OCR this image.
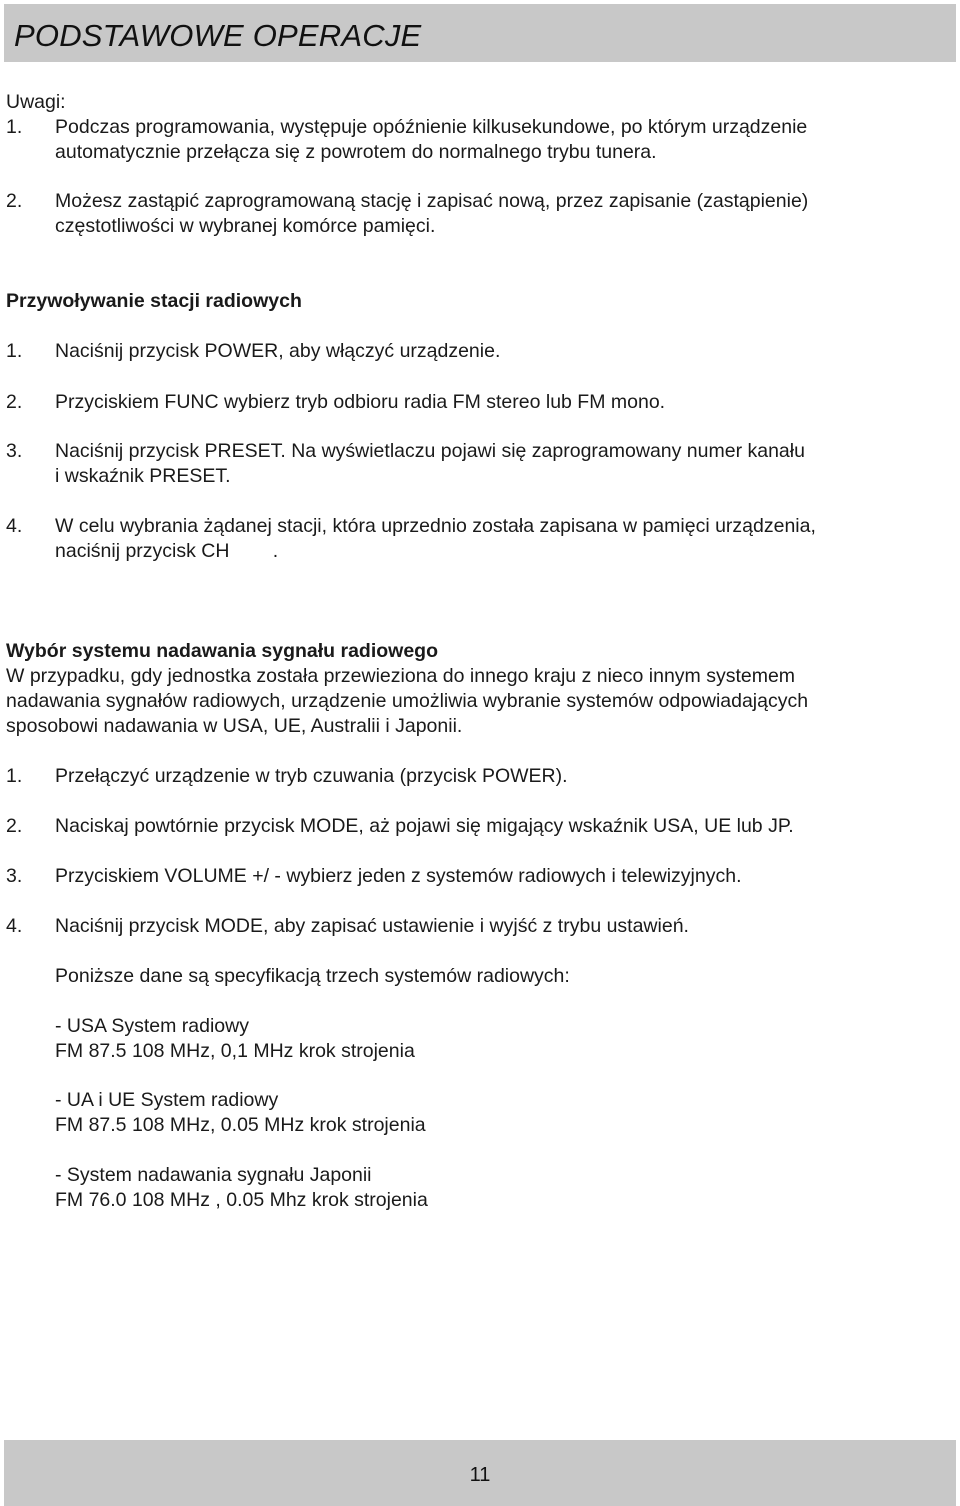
PODSTAWOWE OPERACJE
Uwagi:
1. Podczas programowania, występuje opóźnienie kilkusekundowe, po którym urządzenie
automatycznie przełącza się z powrotem do normalnego trybu tunera.
2. Możesz zastąpić zaprogramowaną stację i zapisać nową, przez zapisanie (zastąpienie)
częstotliwości w wybranej komórce pamięci.
Przywoływanie stacji radiowych
1. Naciśnij przycisk POWER, aby włączyć urządzenie.
2. Przyciskiem FUNC wybierz tryb odbioru radia FM stereo lub FM mono.
3. Naciśnij przycisk PRESET. Na wyświetlaczu pojawi się zaprogramowany numer kanału
i wskaźnik PRESET.
4. W celu wybrania żądanej stacji, która uprzednio została zapisana w pamięci urządzenia,
naciśnij przycisk CH        .
Wybór systemu nadawania sygnału radiowego
W przypadku, gdy jednostka została przewieziona do innego kraju z nieco innym systemem
nadawania sygnałów radiowych, urządzenie umożliwia wybranie systemów odpowiadających
sposobowi nadawania w USA, UE, Australii i Japonii.
1. Przełączyć urządzenie w tryb czuwania (przycisk POWER).
2. Naciskaj powtórnie przycisk MODE, aż pojawi się migający wskaźnik USA, UE lub JP.
3. Przyciskiem VOLUME +/ - wybierz jeden z systemów radiowych i telewizyjnych.
4. Naciśnij przycisk MODE, aby zapisać ustawienie i wyjść z trybu ustawień.
Poniższe dane są specyfikacją trzech systemów radiowych:
- USA System radiowy
FM 87.5 108 MHz, 0,1 MHz krok strojenia
- UA i UE System radiowy
FM 87.5 108 MHz, 0.05 MHz krok strojenia
- System nadawania sygnału Japonii
FM 76.0 108 MHz , 0.05 Mhz krok strojenia
11
